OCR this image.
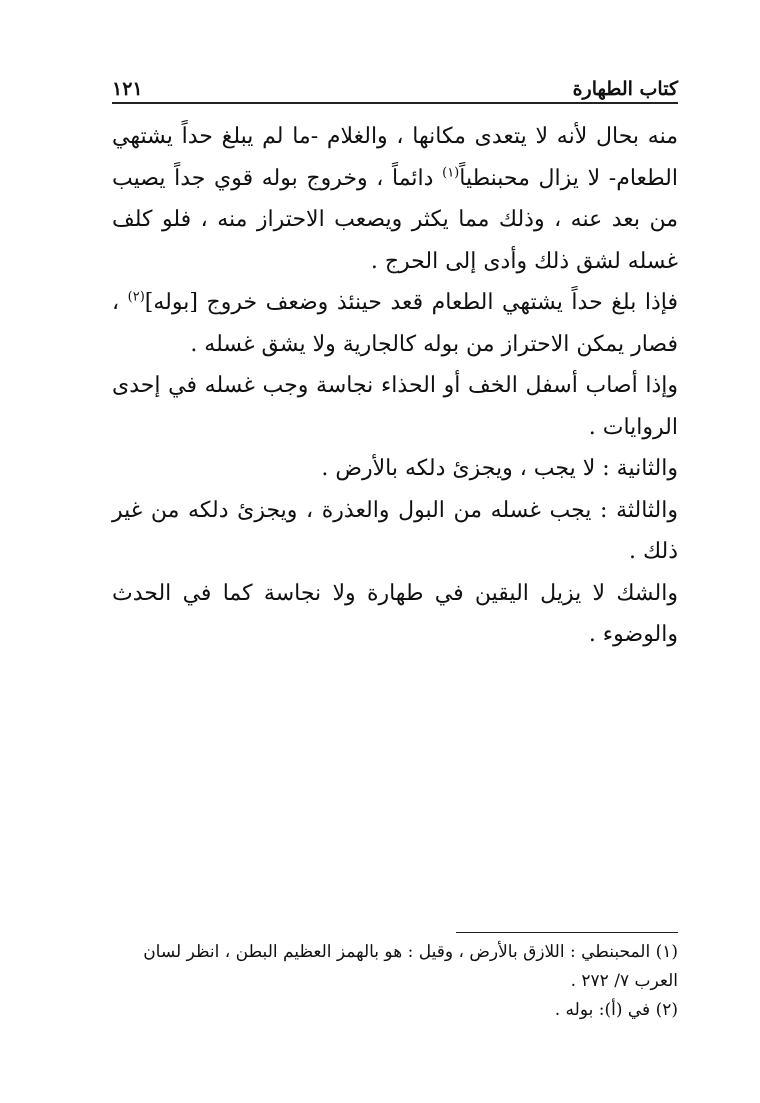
كتاب الطهارة
١٢١

منه بحال لأنه لا يتعدى مكانها ، والغلام -ما لم يبلغ حداً يشتهي الطعام- لا يزال محبنطياً$^{(١)}$ دائماً ، وخروج بوله قوي جداً يصيب من بعد عنه ، وذلك مما يكثر ويصعب الاحتراز منه ، فلو كلف غسله لشق ذلك وأدى إلى الحرج .

فإذا بلغ حداً يشتهي الطعام قعد حينئذ وضعف خروج [بوله]$^{(٢)}$ ، فصار يمكن الاحتراز من بوله كالجارية ولا يشق غسله .

وإذا أصاب أسفل الخف أو الحذاء نجاسة وجب غسله في إحدى الروايات .

والثانية : لا يجب ، ويجزئ دلكه بالأرض .

والثالثة : يجب غسله من البول والعذرة ، ويجزئ دلكه من غير ذلك .

والشك لا يزيل اليقين في طهارة ولا نجاسة كما في الحدث والوضوء .

(١) المحبنطي : اللازق بالأرض ، وقيل : هو بالهمز العظيم البطن ، انظر لسان العرب ٧/ ٢٧٢ .

(٢) في (أ): بوله .
